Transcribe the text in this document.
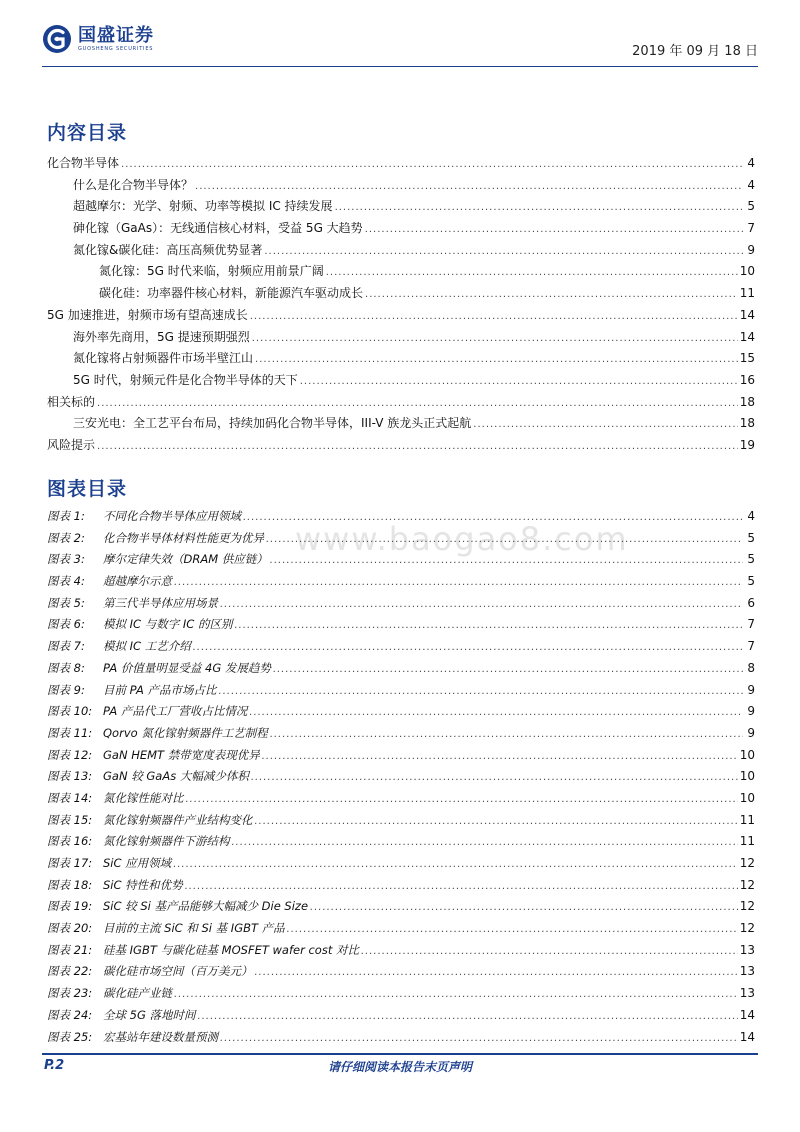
国盛证券
GUOSHENG SECURITIES	2019 年 09 月 18 日
www.baogao8.com
内容目录
化合物半导体 .....	4
什么是化合物半导体？ .....	4
超越摩尔：光学、射频、功率等模拟 IC 持续发展 .....	5
砷化镓（GaAs）：无线通信核心材料，受益 5G 大趋势 .....	7
氮化镓&碳化硅：高压高频优势显著 .....	9
氮化镓：5G 时代来临，射频应用前景广阔 .....	10
碳化硅：功率器件核心材料，新能源汽车驱动成长 .....	11
5G 加速推进，射频市场有望高速成长 .....	14
海外率先商用，5G 提速预期强烈 .....	14
氮化镓将占射频器件市场半壁江山 .....	15
5G 时代，射频元件是化合物半导体的天下 .....	16
相关标的 .....	18
三安光电：全工艺平台布局，持续加码化合物半导体，III-V 族龙头正式起航 .....	18
风险提示 .....	19
图表目录
图表 1:	不同化合物半导体应用领域 .....	4
图表 2:	化合物半导体材料性能更为优异 .....	5
图表 3:	摩尔定律失效（DRAM 供应链） .....	5
图表 4:	超越摩尔示意 .....	5
图表 5:	第三代半导体应用场景 .....	6
图表 6:	模拟 IC 与数字 IC 的区别 .....	7
图表 7:	模拟 IC 工艺介绍 .....	7
图表 8:	PA 价值量明显受益 4G 发展趋势 .....	8
图表 9:	目前 PA 产品市场占比 .....	9
图表 10: PA 产品代工厂营收占比情况 .....	9
图表 11: Qorvo 氮化镓射频器件工艺制程 .....	9
图表 12: GaN HEMT 禁带宽度表现优异 .....	10
图表 13: GaN 较 GaAs 大幅减少体积 .....	10
图表 14: 氮化镓性能对比 .....	10
图表 15: 氮化镓射频器件产业结构变化 .....	11
图表 16: 氮化镓射频器件下游结构 .....	11
图表 17: SiC 应用领域 .....	12
图表 18: SiC 特性和优势 .....	12
图表 19: SiC 较 Si 基产品能够大幅减少 Die Size .....	12
图表 20: 目前的主流 SiC 和 Si 基 IGBT 产品 .....	12
图表 21: 硅基 IGBT 与碳化硅基 MOSFET wafer cost 对比 .....	13
图表 22: 碳化硅市场空间（百万美元） .....	13
图表 23: 碳化硅产业链 .....	13
图表 24: 全球 5G 落地时间 .....	14
图表 25: 宏基站年建设数量预测 .....	14
请仔细阅读本报告末页声明
P.2
